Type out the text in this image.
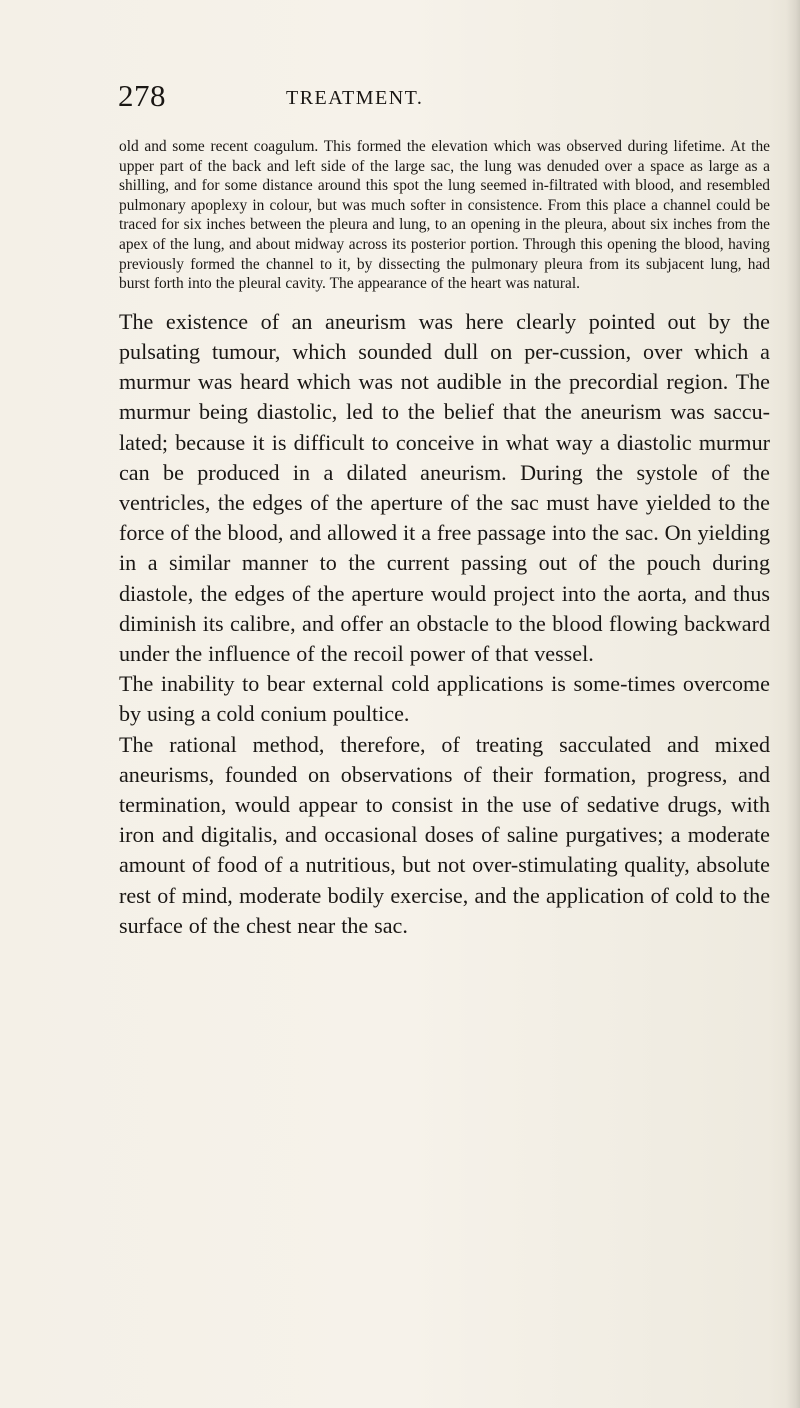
278	TREATMENT.

old and some recent coagulum. This formed the elevation which was observed during lifetime. At the upper part of the back and left side of the large sac, the lung was denuded over a space as large as a shilling, and for some distance around this spot the lung seemed in-filtrated with blood, and resembled pulmonary apoplexy in colour, but was much softer in consistence. From this place a channel could be traced for six inches between the pleura and lung, to an opening in the pleura, about six inches from the apex of the lung, and about midway across its posterior portion. Through this opening the blood, having previously formed the channel to it, by dissecting the pulmonary pleura from its subjacent lung, had burst forth into the pleural cavity. The appearance of the heart was natural.

The existence of an aneurism was here clearly pointed out by the pulsating tumour, which sounded dull on per-cussion, over which a murmur was heard which was not audible in the precordial region. The murmur being diastolic, led to the belief that the aneurism was saccu-lated; because it is difficult to conceive in what way a diastolic murmur can be produced in a dilated aneurism. During the systole of the ventricles, the edges of the aperture of the sac must have yielded to the force of the blood, and allowed it a free passage into the sac. On yielding in a similar manner to the current passing out of the pouch during diastole, the edges of the aperture would project into the aorta, and thus diminish its calibre, and offer an obstacle to the blood flowing backward under the influence of the recoil power of that vessel.

The inability to bear external cold applications is some-times overcome by using a cold conium poultice.

The rational method, therefore, of treating sacculated and mixed aneurisms, founded on observations of their formation, progress, and termination, would appear to consist in the use of sedative drugs, with iron and digitalis, and occasional doses of saline purgatives; a moderate amount of food of a nutritious, but not over-stimulating quality, absolute rest of mind, moderate bodily exercise, and the application of cold to the surface of the chest near the sac.
